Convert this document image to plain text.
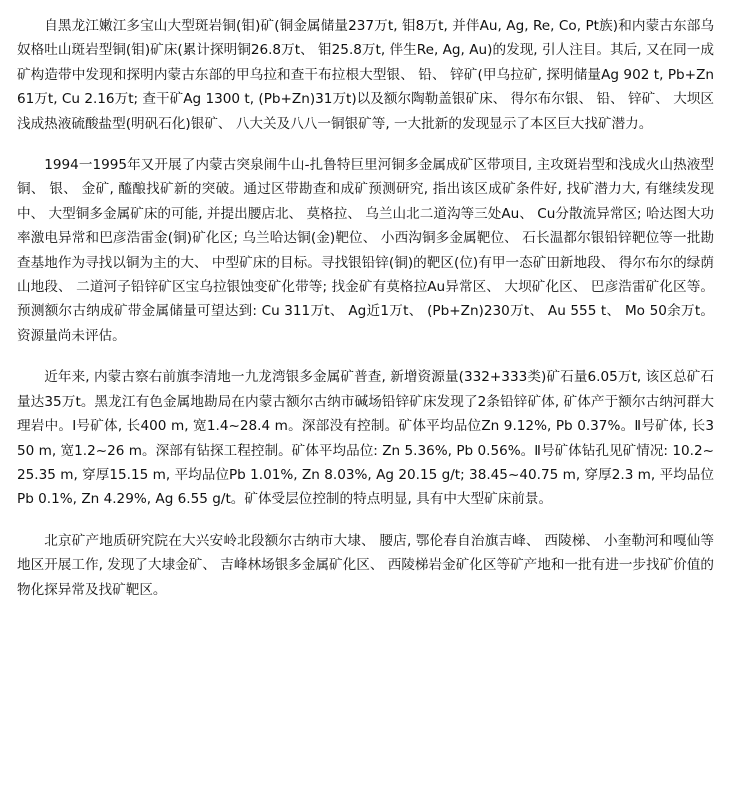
自黑龙江嫩江多宝山大型斑岩铜(钼)矿(铜金属储量237万t, 钼8万t, 并伴Au, Ag, Re, Co, Pt族)和内蒙古东部乌奴格吐山斑岩型铜(钼)矿床(累计探明铜26.8万t、 钼25.8万t, 伴生Re, Ag, Au)的发现, 引人注目。其后, 又在同一成矿构造带中发现和探明内蒙古东部的甲乌拉和查干布拉根大型银、 铅、 锌矿(甲乌拉矿, 探明储量Ag 902 t, Pb+Zn 61万t, Cu 2.16万t; 查干矿Ag 1300 t, (Pb+Zn)31万t)以及额尔陶勒盖银矿床、 得尔布尔银、 铅、 锌矿、 大坝区浅成热液硫酸盐型(明矾石化)银矿、 八大关及八八一铜银矿等, 一大批新的发现显示了本区巨大找矿潜力。

1994一1995年又开展了内蒙古突泉闹牛山-扎鲁特巨里河铜多金属成矿区带项目, 主攻斑岩型和浅成火山热液型铜、 银、 金矿, 醯酿找矿新的突破。通过区带勘查和成矿预测研究, 指出该区成矿条件好, 找矿潜力大, 有继续发现中、 大型铜多金属矿床的可能, 并提出腰店北、 莫格拉、 乌兰山北二道沟等三处Au、 Cu分散流异常区; 哈达图大功率激电异常和巴彦浩雷金(铜)矿化区; 乌兰哈达铜(金)靶位、 小西沟铜多金属靶位、 石长温都尔银铅锌靶位等一批勘查基地作为寻找以铜为主的大、 中型矿床的目标。寻找银铅锌(铜)的靶区(位)有甲一态矿田新地段、 得尔布尔的绿荫山地段、 二道河子铅锌矿区宝乌拉银蚀变矿化带等; 找金矿有莫格拉Au异常区、 大坝矿化区、 巴彦浩雷矿化区等。预测额尔古纳成矿带金属储量可望达到: Cu 311万t、 Ag近1万t、 (Pb+Zn)230万t、 Au 555 t、 Mo 50余万t。资源量尚未评估。

近年来, 内蒙古察右前旗李清地一九龙湾银多金属矿普查, 新增资源量(332+333类)矿石量6.05万t, 该区总矿石量达35万t。黑龙江有色金属地勘局在内蒙古额尔古纳市碱场铅锌矿床发现了2条铅锌矿体, 矿体产于额尔古纳河群大理岩中。Ⅰ号矿体, 长400 m, 宽1.4~28.4 m。深部没有控制。矿体平均品位Zn 9.12%, Pb 0.37%。Ⅱ号矿体, 长350 m, 宽1.2~26 m。深部有钻探工程控制。矿体平均品位: Zn 5.36%, Pb 0.56%。Ⅱ号矿体钻孔见矿情况: 10.2~25.35 m, 穿厚15.15 m, 平均品位Pb 1.01%, Zn 8.03%, Ag 20.15 g/t; 38.45~40.75 m, 穿厚2.3 m, 平均品位Pb 0.1%, Zn 4.29%, Ag 6.55 g/t。矿体受层位控制的特点明显, 具有中大型矿床前景。

北京矿产地质研究院在大兴安岭北段额尔古纳市大埭、 腰店, 鄂伦春自治旗吉峰、 西陵梯、 小奎勒河和嘎仙等地区开展工作, 发现了大埭金矿、 吉峰林场银多金属矿化区、 西陵梯岩金矿化区等矿产地和一批有进一步找矿价值的物化探异常及找矿靶区。
